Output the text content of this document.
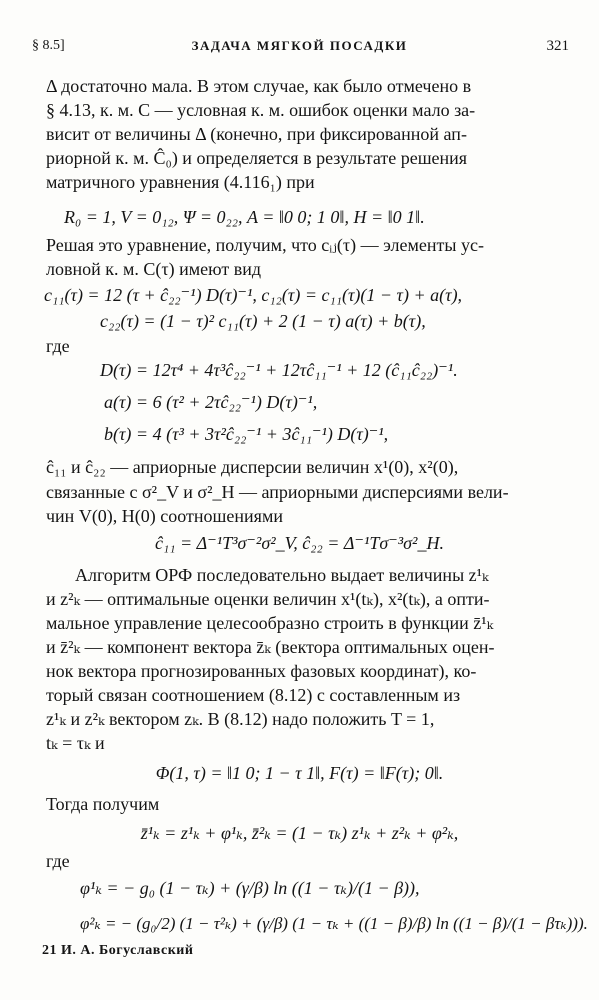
§ 8.5]	ЗАДАЧА МЯГКОЙ ПОСАДКИ	321
Δ достаточно мала. В этом случае, как было отмечено в
§ 4.13, к. м. C — условная к. м. ошибок оценки мало за-
висит от величины Δ (конечно, при фиксированной ап-
риорной к. м. Ĉ₀) и определяется в результате решения
матричного уравнения (4.116₁) при
R₀ = 1, V = 0₁₂, Ψ = 0₂₂, A = ‖0 0; 1 0‖, H = ‖0 1‖.
Решая это уравнение, получим, что cᵢⱼ(τ) — элементы ус-
ловной к. м. C(τ) имеют вид
c₁₁(τ) = 12 (τ + ĉ₂₂⁻¹) D(τ)⁻¹, c₁₂(τ) = c₁₁(τ)(1 − τ) + a(τ),
c₂₂(τ) = (1 − τ)² c₁₁(τ) + 2 (1 − τ) a(τ) + b(τ),
где
D(τ) = 12τ⁴ + 4τ³ĉ₂₂⁻¹ + 12τĉ₁₁⁻¹ + 12 (ĉ₁₁ĉ₂₂)⁻¹.
a(τ) = 6 (τ² + 2τĉ₂₂⁻¹) D(τ)⁻¹,
b(τ) = 4 (τ³ + 3τ²ĉ₂₂⁻¹ + 3ĉ₁₁⁻¹) D(τ)⁻¹,
ĉ₁₁ и ĉ₂₂ — априорные дисперсии величин x¹(0), x²(0),
связанные с σ²_V и σ²_H — априорными дисперсиями вели-
чин V(0), H(0) соотношениями
ĉ₁₁ = Δ⁻¹T³σ⁻²σ²_V, ĉ₂₂ = Δ⁻¹Tσ⁻³σ²_H.
Алгоритм ОРФ последовательно выдает величины z¹ₖ
и z²ₖ — оптимальные оценки величин x¹(tₖ), x²(tₖ), а опти-
мальное управление целесообразно строить в функции z̄¹ₖ
и z̄²ₖ — компонент вектора z̄ₖ (вектора оптимальных оцен-
нок вектора прогнозированных фазовых координат), ко-
торый связан соотношением (8.12) с составленным из
z¹ₖ и z²ₖ вектором zₖ. В (8.12) надо положить T = 1,
tₖ = τₖ и
Φ(1, τ) = ‖1 0; 1 − τ 1‖, F(τ) = ‖F(τ); 0‖.
Тогда получим
z̄¹ₖ = z¹ₖ + φ¹ₖ, z̄²ₖ = (1 − τₖ) z¹ₖ + z²ₖ + φ²ₖ,
где
φ¹ₖ = − g₀ (1 − τₖ) + (γ/β) ln ((1 − τₖ)/(1 − β)),
φ²ₖ = − (g₀/2) (1 − τ²ₖ) + (γ/β) (1 − τₖ + ((1 − β)/β) ln ((1 − β)/(1 − βτₖ))).
21 И. А. Богуславский
